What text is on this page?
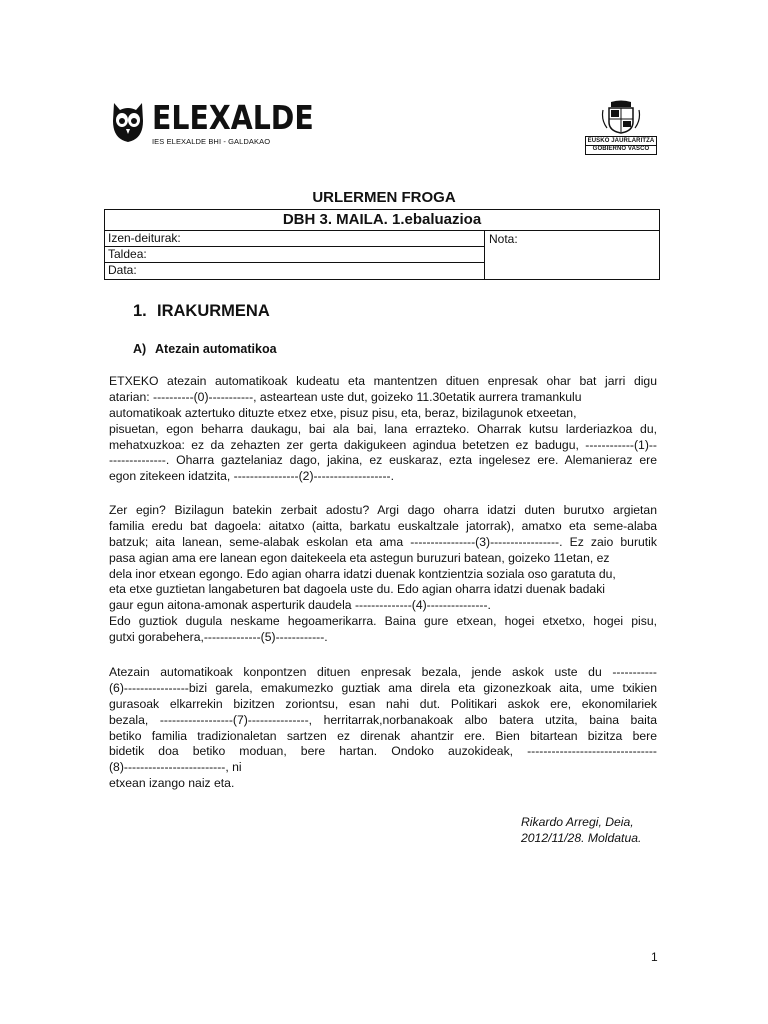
ELEXALDE
IES ELEXALDE BHI - GALDAKAO	EUSKO JAURLARITZA
GOBIERNO VASCO
URLERMEN FROGA
DBH 3. MAILA. 1.ebaluazioa
Izen-deiturak:
Taldea:
Data:
Nota:
1. IRAKURMENA
A) Atezain automatikoa
ETXEKO atezain automatikoak kudeatu eta mantentzen dituen enpresak ohar bat jarri digu
atarian: ----------(0)-----------, asteartean uste dut, goizeko 11.30etatik aurrera tramankulu
automatikoak aztertuko dituzte etxez etxe, pisuz pisu, eta, beraz, bizilagunok etxeetan,
pisuetan, egon beharra daukagu, bai ala bai, lana errazteko. Oharrak kutsu larderiazkoa du,
mehatxuzkoa: ez da zehazten zer gerta dakigukeen agindua betetzen ez badugu, ------------(1)--
--------------. Oharra gaztelaniaz dago, jakina, ez euskaraz, ezta ingelesez ere. Alemanieraz ere
egon zitekeen idatzita, ----------------(2)-------------------.
Zer egin? Bizilagun batekin zerbait adostu? Argi dago oharra idatzi duten burutxo argietan
familia eredu bat dagoela: aitatxo (aitta, barkatu euskaltzale jatorrak), amatxo eta seme-alaba
batzuk; aita lanean, seme-alabak eskolan eta ama ----------------(3)-----------------. Ez zaio burutik
pasa agian ama ere lanean egon daitekeela eta astegun buruzuri batean, goizeko 11etan, ez
dela inor etxean egongo. Edo agian oharra idatzi duenak kontzientzia soziala oso garatuta du,
eta etxe guztietan langabeturen bat dagoela uste du. Edo agian oharra idatzi duenak badaki
gaur egun aitona-amonak asperturik daudela --------------(4)---------------.
Edo guztiok dugula neskame hegoamerikarra. Baina gure etxean, hogei etxetxo, hogei pisu,
gutxi gorabehera,--------------(5)------------.
Atezain automatikoak konpontzen dituen enpresak bezala, jende askok uste du -----------
(6)----------------bizi garela, emakumezko guztiak ama direla eta gizonezkoak aita, ume txikien
gurasoak elkarrekin bizitzen zoriontsu, esan nahi dut. Politikari askok ere, ekonomilariek
bezala, ------------------(7)---------------, herritarrak,norbanakoak albo batera utzita, baina baita
betiko familia tradizionaletan sartzen ez direnak ahantzir ere. Bien bitartean bizitza bere
bidetik doa betiko moduan, bere hartan. Ondoko auzokideak, --------------------------------
(8)-------------------------, ni
etxean izango naiz eta.
Rikardo Arregi, Deia,
2012/11/28. Moldatua.
1
